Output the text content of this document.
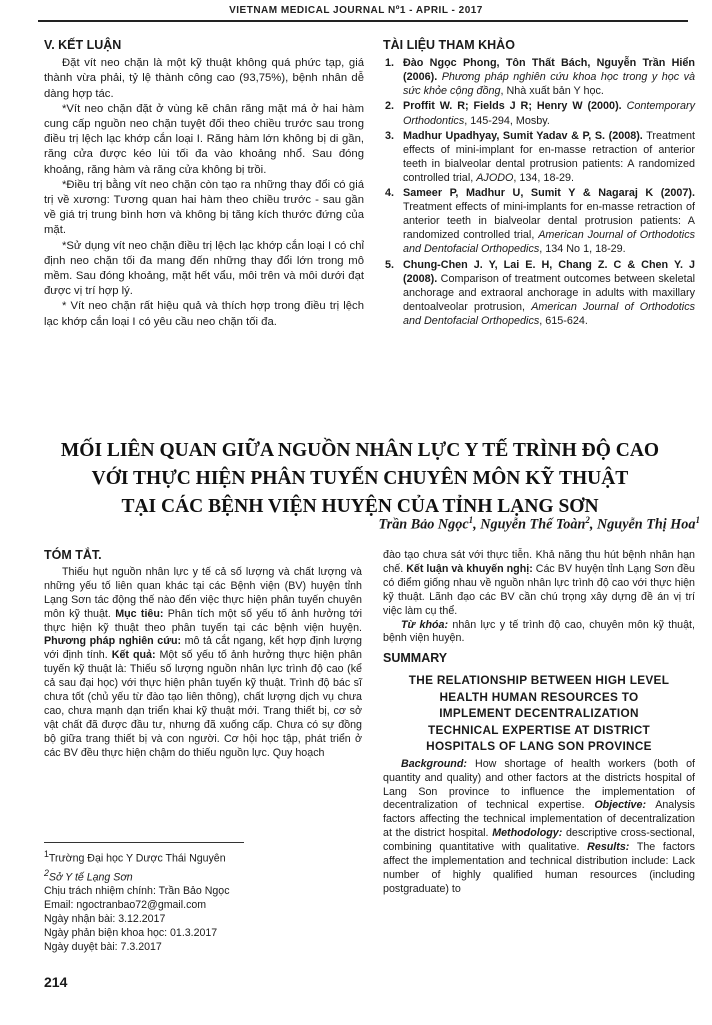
VIETNAM MEDICAL JOURNAL Nº1 - APRIL - 2017
V. KẾT LUẬN

Đặt vít neo chặn là một kỹ thuật không quá phức tạp, giá thành vừa phải, tỷ lệ thành công cao (93,75%), bệnh nhân dễ dàng hợp tác.

*Vít neo chặn đặt ở vùng kẽ chân răng mặt má ở hai hàm cung cấp nguồn neo chặn tuyệt đối theo chiều trước sau trong điều trị lệch lạc khớp cắn loại I. Răng hàm lớn không bị di gần, răng cửa được kéo lùi tối đa vào khoảng nhổ. Sau đóng khoảng, răng hàm và răng cửa không bị trồi.

*Điều trị bằng vít neo chặn còn tạo ra những thay đổi có giá trị về xương: Tương quan hai hàm theo chiều trước - sau gần về giá trị trung bình hơn và không bị tăng kích thước đứng của mặt.

*Sử dụng vít neo chặn điều trị lệch lạc khớp cắn loại I có chỉ định neo chặn tối đa mang đến những thay đổi lớn trong mô mềm. Sau đóng khoảng, mặt hết vẩu, môi trên và môi dưới đạt được vị trí hợp lý.

* Vít neo chặn rất hiệu quả và thích hợp trong điều trị lệch lạc khớp cắn loại I có yêu cầu neo chặn tối đa.

TÀI LIỆU THAM KHẢO
1. Đào Ngọc Phong, Tôn Thất Bách, Nguyễn Trần Hiển (2006). Phương pháp nghiên cứu khoa học trong y học và sức khỏe cộng đồng, Nhà xuất bản Y học.
2. Proffit W. R; Fields J R; Henry W (2000). Contemporary Orthodontics, 145-294, Mosby.
3. Madhur Upadhyay, Sumit Yadav & P, S. (2008). Treatment effects of mini-implant for en-masse retraction of anterior teeth in bialveolar dental protrusion patients: A randomized controlled trial, AJODO, 134, 18-29.
4. Sameer P, Madhur U, Sumit Y & Nagaraj K (2007). Treatment effects of mini-implants for en-masse retraction of anterior teeth in bialveolar dental protrusion patients: A randomized controlled trial, American Journal of Orthodotics and Dentofacial Orthopedics, 134 No 1, 18-29.
5. Chung-Chen J. Y, Lai E. H, Chang Z. C & Chen Y. J (2008). Comparison of treatment outcomes between skeletal anchorage and extraoral anchorage in adults with maxillary dentoalveolar protrusion, American Journal of Orthodotics and Dentofacial Orthopedics, 615-624.
MỐI LIÊN QUAN GIỮA NGUỒN NHÂN LỰC Y TẾ TRÌNH ĐỘ CAO
VỚI THỰC HIỆN PHÂN TUYẾN CHUYÊN MÔN KỸ THUẬT
TẠI CÁC BỆNH VIỆN HUYỆN CỦA TỈNH LẠNG SƠN
Trần Bảo Ngọc$^1$, Nguyễn Thế Toàn$^2$, Nguyễn Thị Hoa$^1$
TÓM TẮT.

Thiếu hụt nguồn nhân lực y tế cả số lượng và chất lượng và những yếu tố liên quan khác tại các Bệnh viện (BV) huyện tỉnh Lạng Sơn tác động thế nào đến việc thực hiện phân tuyến chuyên môn kỹ thuật. Mục tiêu: Phân tích một số yếu tố ảnh hưởng tới thực hiện kỹ thuật theo phân tuyến tại các bệnh viện huyện. Phương pháp nghiên cứu: mô tả cắt ngang, kết hợp định lượng với định tính. Kết quả: Một số yếu tố ảnh hưởng thực hiện phân tuyến kỹ thuật là: Thiếu số lượng nguồn nhân lực trình độ cao (kể cả sau đại học) với thực hiện phân tuyến kỹ thuật. Trình độ bác sĩ chưa tốt (chủ yếu từ đào tạo liên thông), chất lượng dịch vụ chưa cao, chưa mạnh dạn triển khai kỹ thuật mới. Trang thiết bị, cơ sở vật chất đã được đầu tư, nhưng đã xuống cấp. Chưa có sự đồng bộ giữa trang thiết bị và con người. Cơ hội học tập, phát triển ở các BV đều thực hiện chậm do thiếu nguồn lực. Quy hoạch

$^1$Trường Đại học Y Dược Thái Nguyên

$^2$Sở Y tế Lạng Sơn

Chịu trách nhiệm chính: Trần Bảo Ngọc

Email: ngoctranbao72@gmail.com

Ngày nhận bài: 3.12.2017

Ngày phản biện khoa học: 01.3.2017

Ngày duyệt bài: 7.3.2017

đào tạo chưa sát với thực tiễn. Khả năng thu hút bệnh nhân hạn chế. Kết luận và khuyến nghị: Các BV huyện tỉnh Lạng Sơn đều có điểm giống nhau về nguồn nhân lực trình độ cao với thực hiện kỹ thuật. Lãnh đạo các BV cần chú trọng xây dựng đề án vị trí việc làm cụ thể.

Từ khóa: nhân lực y tế trình độ cao, chuyên môn kỹ thuật, bệnh viện huyện.

SUMMARY
THE RELATIONSHIP BETWEEN HIGH LEVEL
HEALTH HUMAN RESOURCES TO
IMPLEMENT DECENTRALIZATION
TECHNICAL EXPERTISE AT DISTRICT
HOSPITALS OF LANG SON PROVINCE

Background: How shortage of health workers (both of quantity and quality) and other factors at the districts hospital of Lang Son province to influence the implementation of decentralization of technical expertise. Objective: Analysis factors affecting the technical implementation of decentralization at the district hospital. Methodology: descriptive cross-sectional, combining quantitative with qualitative. Results: The factors affect the implementation and technical distribution include: Lack number of highly qualified human resources (including postgraduate) to

214
